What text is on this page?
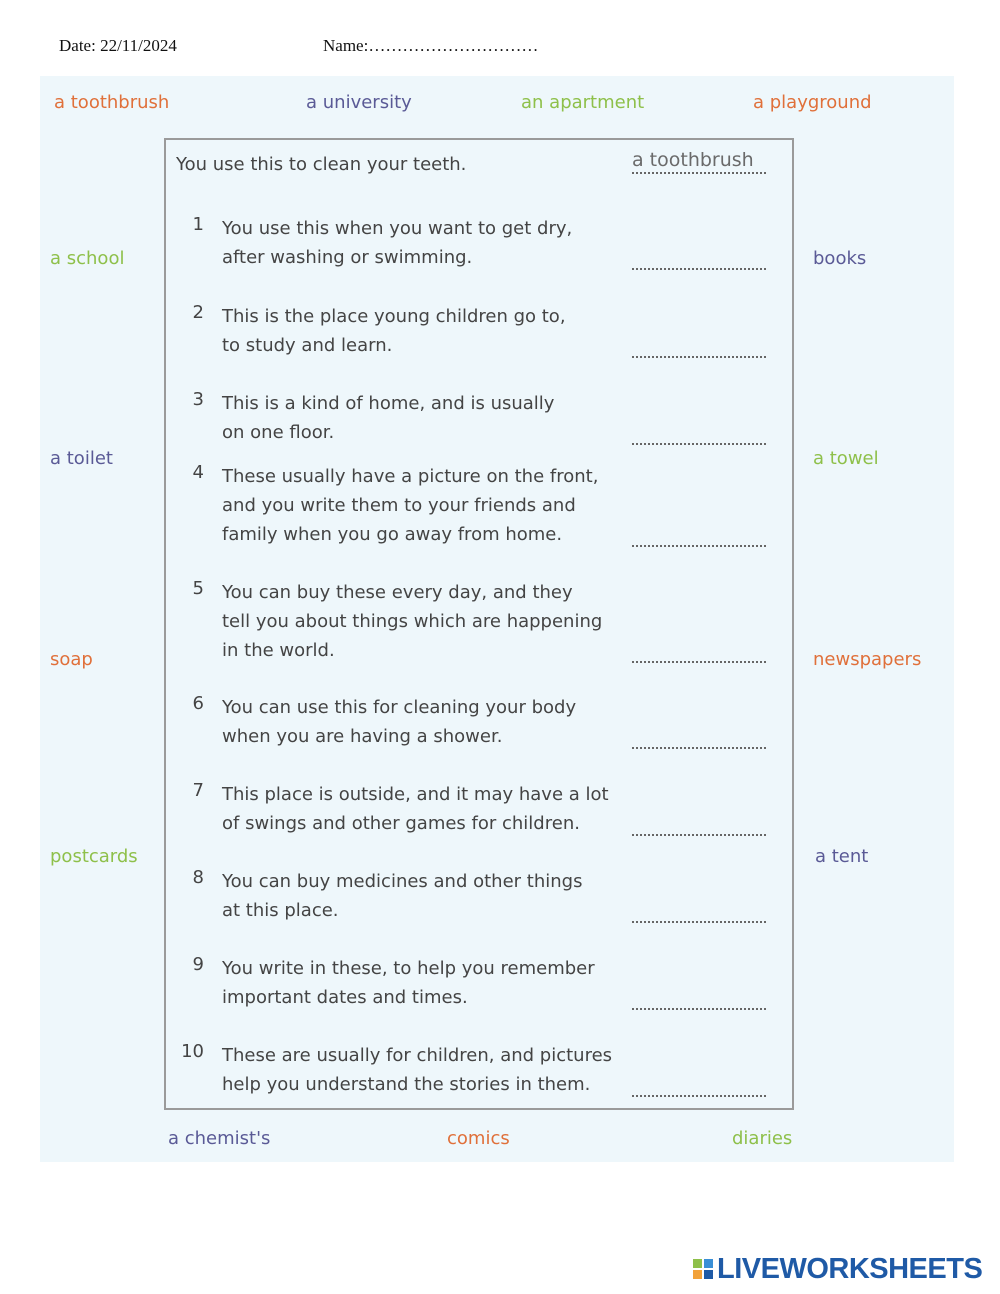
Date: 22/11/2024	Name:…………………………
a toothbrush	a university	an apartment	a playground
a school
a toilet
soap
postcards
books
a towel
newspapers
a tent
a chemist's	comics	diaries
You use this to clean your teeth.	a toothbrush
1 You use this when you want to get dry,
after washing or swimming.
2 This is the place young children go to,
to study and learn.
3 This is a kind of home, and is usually
on one floor.
4 These usually have a picture on the front,
and you write them to your friends and
family when you go away from home.
5 You can buy these every day, and they
tell you about things which are happening
in the world.
6 You can use this for cleaning your body
when you are having a shower.
7 This place is outside, and it may have a lot
of swings and other games for children.
8 You can buy medicines and other things
at this place.
9 You write in these, to help you remember
important dates and times.
10 These are usually for children, and pictures
help you understand the stories in them.
LIVEWORKSHEETS
